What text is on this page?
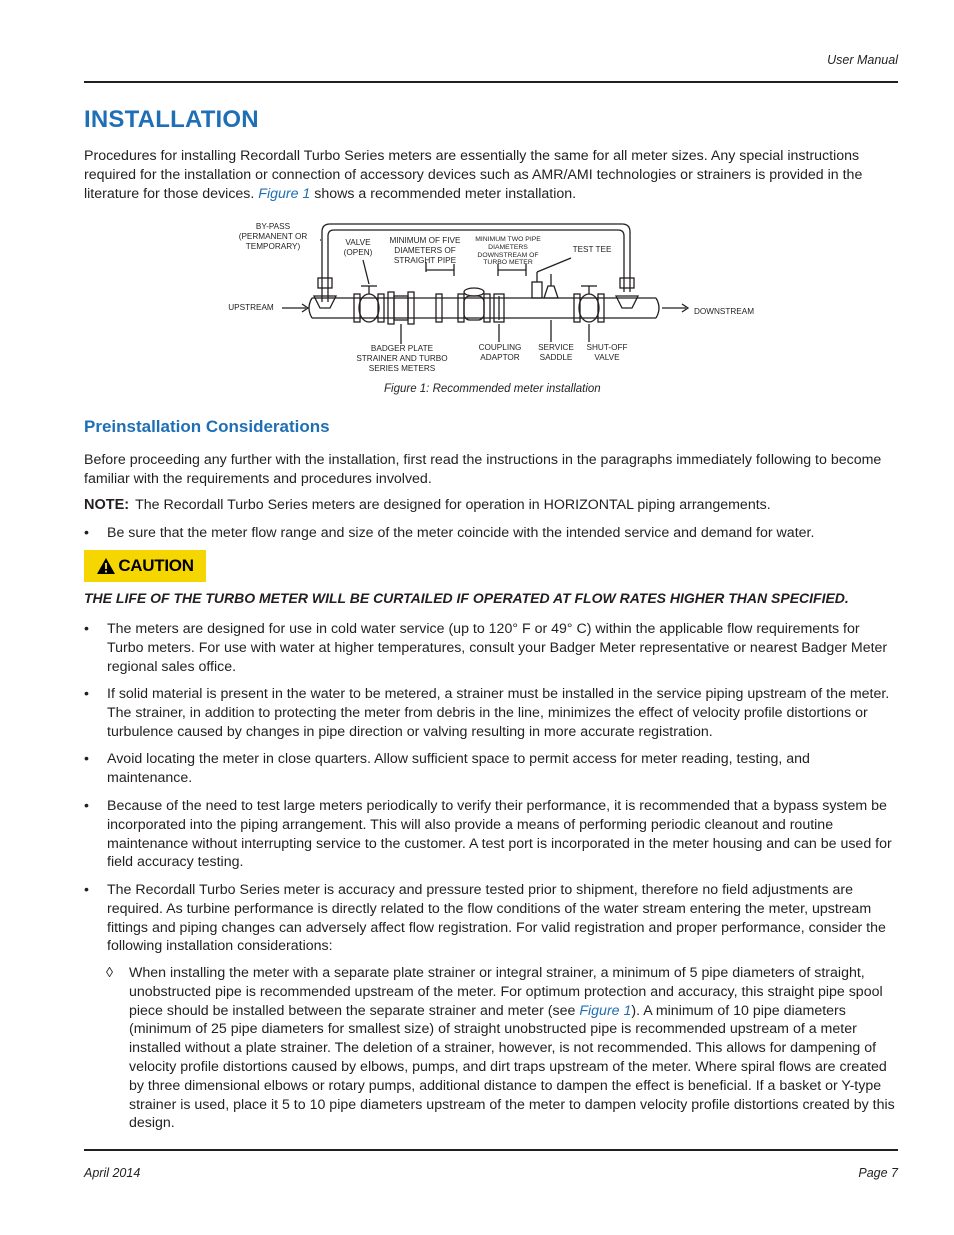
User Manual
INSTALLATION

Procedures for installing Recordall Turbo Series meters are essentially the same for all meter sizes. Any special instructions required for the installation or connection of accessory devices such as AMR/AMI technologies or strainers is provided in the literature for those devices. Figure 1 shows a recommended meter installation.

BY-PASS (PERMANENT OR TEMPORARY)	VALVE (OPEN)
MINIMUM OF FIVE DIAMETERS OF STRAIGHT PIPE
MINIMUM TWO PIPE DIAMETERS DOWNSTREAM OF TURBO METER
TEST TEE
UPSTREAM	DOWNSTREAM
BADGER PLATE STRAINER AND TURBO SERIES METERS
COUPLING ADAPTOR
SERVICE SADDLE
SHUT-OFF VALVE
Figure 1: Recommended meter installation
Preinstallation Considerations

Before proceeding any further with the installation, first read the instructions in the paragraphs immediately following to become familiar with the requirements and procedures involved.

NOTE: The Recordall Turbo Series meters are designed for operation in HORIZONTAL piping arrangements.
•	Be sure that the meter flow range and size of the meter coincide with the intended service and demand for water.
CAUTION
THE LIFE OF THE TURBO METER WILL BE CURTAILED IF OPERATED AT FLOW RATES HIGHER THAN SPECIFIED.
•	The meters are designed for use in cold water service (up to 120° F or 49° C) within the applicable flow requirements for Turbo meters. For use with water at higher temperatures, consult your Badger Meter representative or nearest Badger Meter regional sales office.
•	If solid material is present in the water to be metered, a strainer must be installed in the service piping upstream of the meter. The strainer, in addition to protecting the meter from debris in the line, minimizes the effect of velocity profile distortions or turbulence caused by changes in pipe direction or valving resulting in more accurate registration.
•	Avoid locating the meter in close quarters. Allow sufficient space to permit access for meter reading, testing, and maintenance.
•	Because of the need to test large meters periodically to verify their performance, it is recommended that a bypass system be incorporated into the piping arrangement. This will also provide a means of performing periodic cleanout and routine maintenance without interrupting service to the customer. A test port is incorporated in the meter housing and can be used for field accuracy testing.
•	The Recordall Turbo Series meter is accuracy and pressure tested prior to shipment, therefore no field adjustments are required. As turbine performance is directly related to the flow conditions of the water stream entering the meter, upstream fittings and piping changes can adversely affect flow registration. For valid registration and proper performance, consider the following installation considerations:
◊ When installing the meter with a separate plate strainer or integral strainer, a minimum of 5 pipe diameters of straight, unobstructed pipe is recommended upstream of the meter. For optimum protection and accuracy, this straight pipe spool piece should be installed between the separate strainer and meter (see Figure 1). A minimum of 10 pipe diameters (minimum of 25 pipe diameters for smallest size) of straight unobstructed pipe is recommended upstream of a meter installed without a plate strainer. The deletion of a strainer, however, is not recommended. This allows for dampening of velocity profile distortions caused by elbows, pumps, and dirt traps upstream of the meter. Where spiral flows are created by three dimensional elbows or rotary pumps, additional distance to dampen the effect is beneficial. If a basket or Y-type strainer is used, place it 5 to 10 pipe diameters upstream of the meter to dampen velocity profile distortions created by this design.
April 2014	Page 7
